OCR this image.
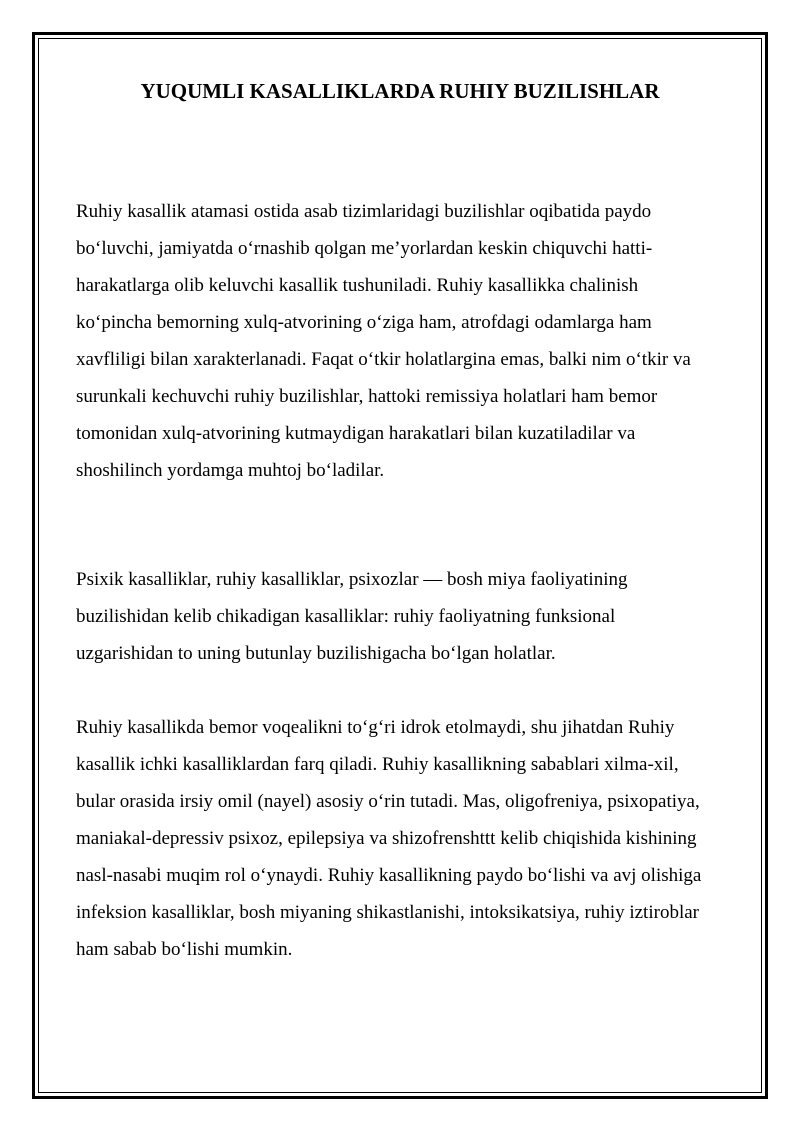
YUQUMLI KASALLIKLARDA RUHIY BUZILISHLAR

Ruhiy kasallik atamasi ostida asab tizimlaridagi buzilishlar oqibatida paydo bo‘luvchi, jamiyatda o‘rnashib qolgan me’yorlardan keskin chiquvchi hatti-harakatlarga olib keluvchi kasallik tushuniladi. Ruhiy kasallikka chalinish ko‘pincha bemorning xulq-atvorining o‘ziga ham, atrofdagi odamlarga ham xavfliligi bilan xarakterlanadi. Faqat o‘tkir holatlargina emas, balki nim o‘tkir va surunkali kechuvchi ruhiy buzilishlar, hattoki remissiya holatlari ham bemor tomonidan xulq-atvorining kutmaydigan harakatlari bilan kuzatiladilar va shoshilinch yordamga muhtoj bo‘ladilar.

Psixik kasalliklar, ruhiy kasalliklar, psixozlar — bosh miya faoliyatining buzilishidan kelib chikadigan kasalliklar: ruhiy faoliyatning funksional uzgarishidan to uning butunlay buzilishigacha bo‘lgan holatlar.

Ruhiy kasallikda bemor voqealikni to‘g‘ri idrok etolmaydi, shu jihatdan Ruhiy kasallik ichki kasalliklardan farq qiladi. Ruhiy kasallikning sabablari xilma-xil, bular orasida irsiy omil (nayel) asosiy o‘rin tutadi. Mas, oligofreniya, psixopatiya, maniakal-depressiv psixoz, epilepsiya va shizofrenshttt kelib chiqishida kishining nasl-nasabi muqim rol o‘ynaydi. Ruhiy kasallikning paydo bo‘lishi va avj olishiga infeksion kasalliklar, bosh miyaning shikastlanishi, intoksikatsiya, ruhiy iztiroblar ham sabab bo‘lishi mumkin.
